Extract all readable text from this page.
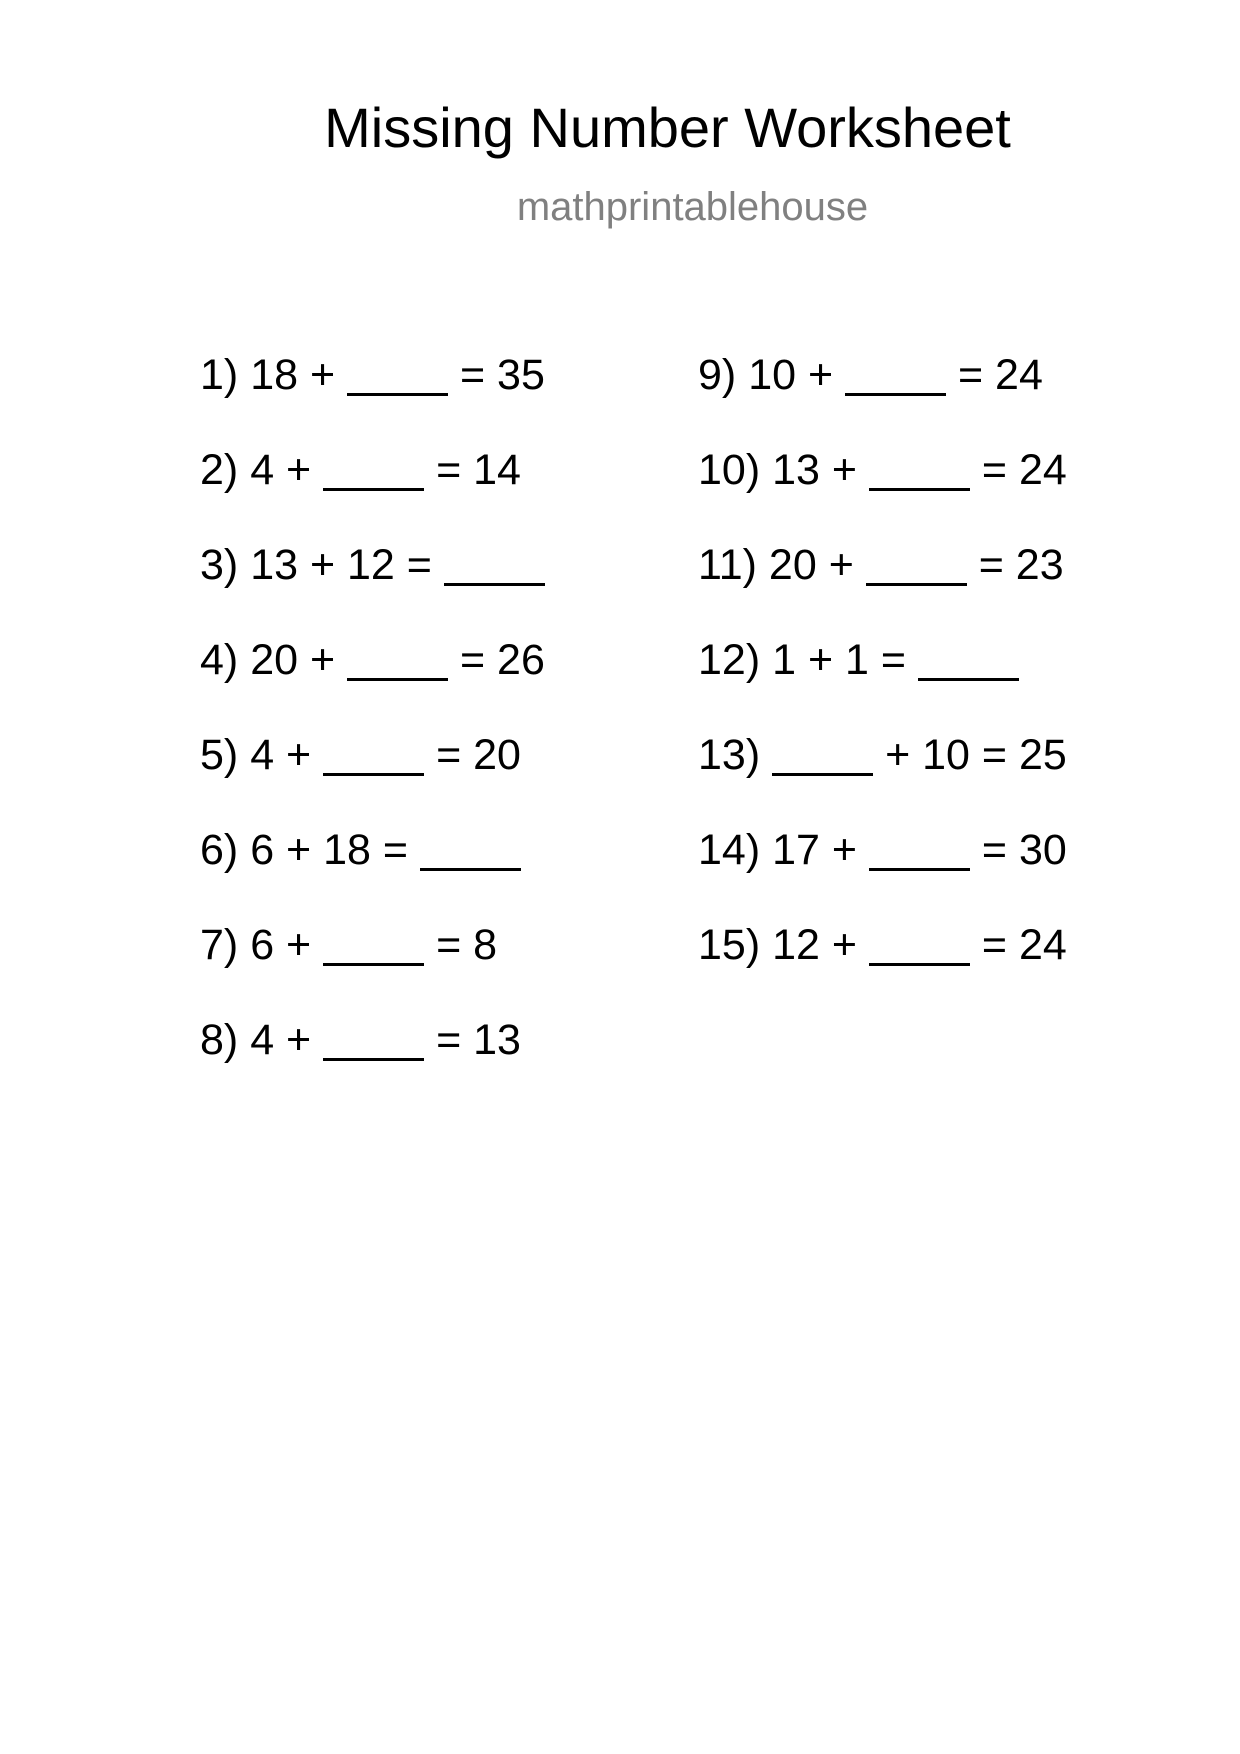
Missing Number Worksheet
mathprintablehouse
1) 18 +	= 35
2) 4 +	= 14
3) 13 + 12 =
4) 20 +	= 26
5) 4 +	= 20
6) 6 + 18 =
7) 6 +	= 8
8) 4 +	= 13
9) 10 +	= 24
10) 13 +	= 24
11) 20 +	= 23
12) 1 + 1 =
13)	+ 10 = 25
14) 17 +	= 30
15) 12 +	= 24
